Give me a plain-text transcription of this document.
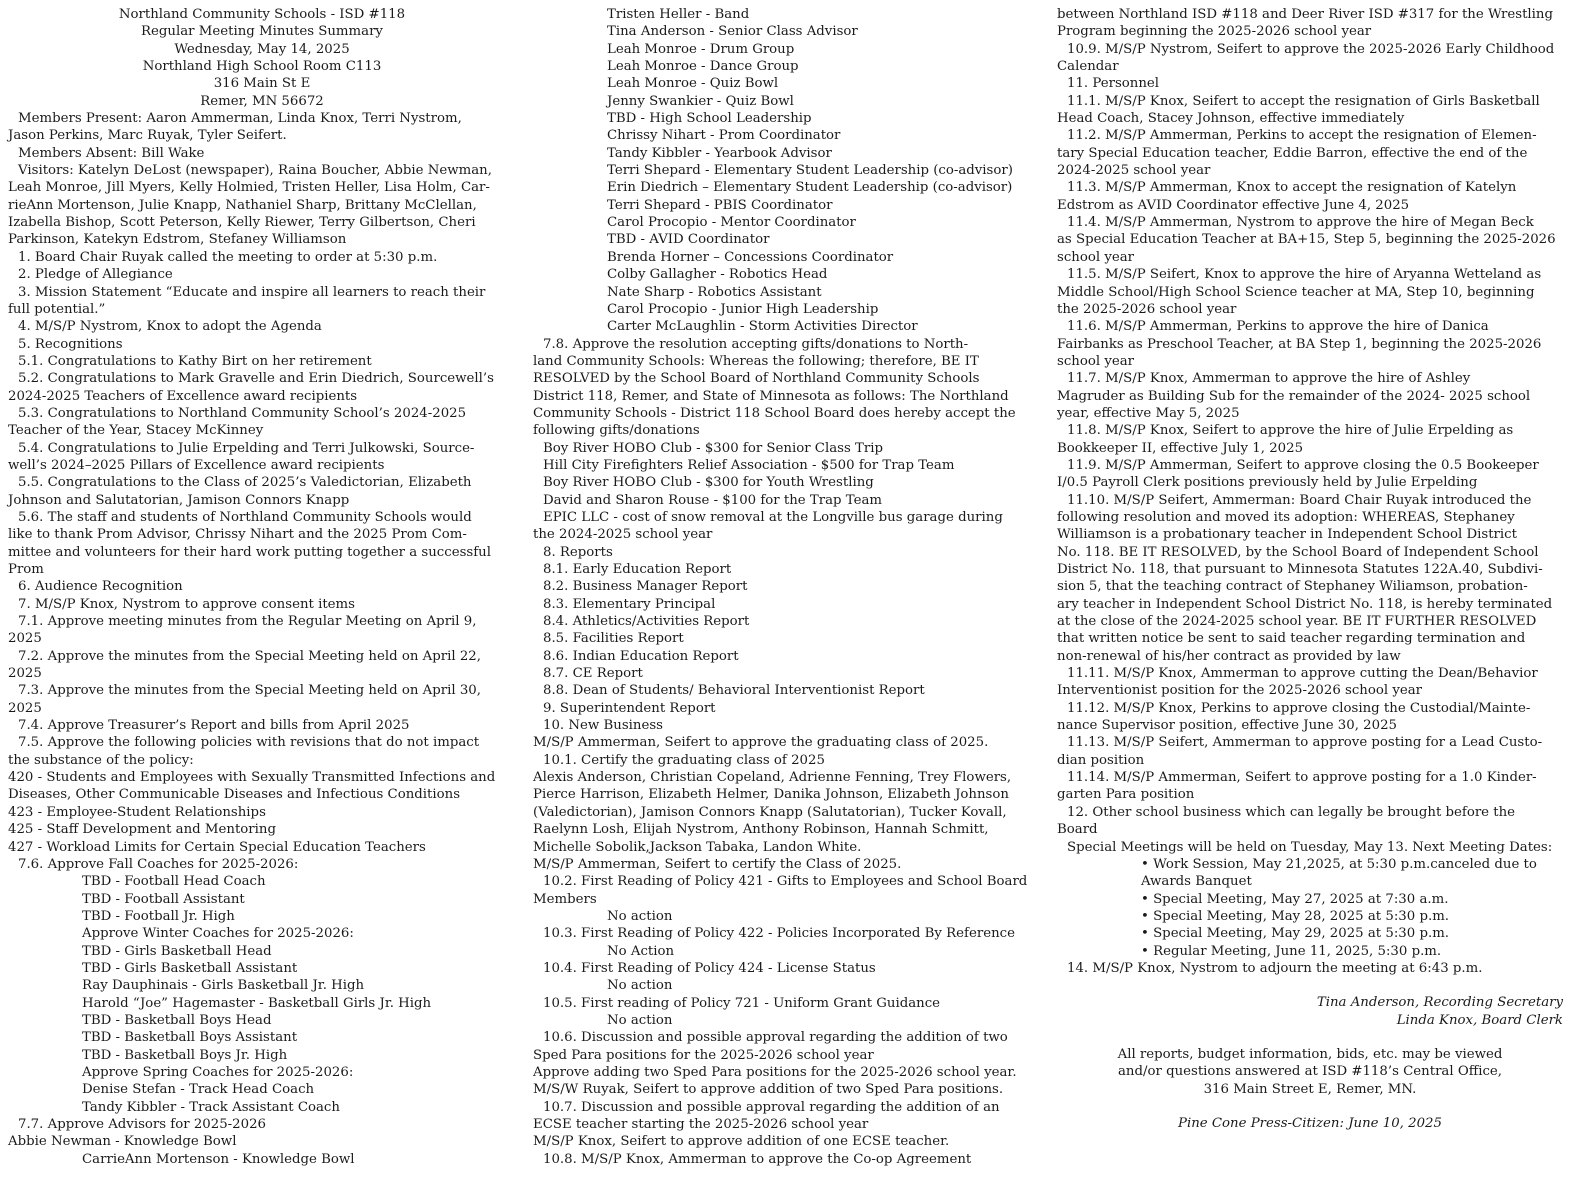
Northland Community Schools - ISD #118
Regular Meeting Minutes Summary
Wednesday, May 14, 2025
Northland High School Room C113
316 Main St E
Remer, MN 56672
Members Present: Aaron Ammerman, Linda Knox, Terri Nystrom,
Jason Perkins, Marc Ruyak, Tyler Seifert.
Members Absent: Bill Wake
Visitors: Katelyn DeLost (newspaper), Raina Boucher, Abbie Newman,
Leah Monroe, Jill Myers, Kelly Holmied, Tristen Heller, Lisa Holm, Car-
rieAnn Mortenson, Julie Knapp, Nathaniel Sharp, Brittany McClellan,
Izabella Bishop, Scott Peterson, Kelly Riewer, Terry Gilbertson, Cheri
Parkinson, Katekyn Edstrom, Stefaney Williamson
1. Board Chair Ruyak called the meeting to order at 5:30 p.m.
2. Pledge of Allegiance
3. Mission Statement “Educate and inspire all learners to reach their
full potential.”
4. M/S/P Nystrom, Knox to adopt the Agenda
5. Recognitions
5.1. Congratulations to Kathy Birt on her retirement
5.2. Congratulations to Mark Gravelle and Erin Diedrich, Sourcewell’s
2024-2025 Teachers of Excellence award recipients
5.3. Congratulations to Northland Community School’s 2024-2025
Teacher of the Year, Stacey McKinney
5.4. Congratulations to Julie Erpelding and Terri Julkowski, Source-
well’s 2024–2025 Pillars of Excellence award recipients
5.5. Congratulations to the Class of 2025’s Valedictorian, Elizabeth
Johnson and Salutatorian, Jamison Connors Knapp
5.6. The staff and students of Northland Community Schools would
like to thank Prom Advisor, Chrissy Nihart and the 2025 Prom Com-
mittee and volunteers for their hard work putting together a successful
Prom
6. Audience Recognition
7. M/S/P Knox, Nystrom to approve consent items
7.1. Approve meeting minutes from the Regular Meeting on April 9,
2025
7.2. Approve the minutes from the Special Meeting held on April 22,
2025
7.3. Approve the minutes from the Special Meeting held on April 30,
2025
7.4. Approve Treasurer’s Report and bills from April 2025
7.5. Approve the following policies with revisions that do not impact
the substance of the policy:
420 - Students and Employees with Sexually Transmitted Infections and
Diseases, Other Communicable Diseases and Infectious Conditions
423 - Employee-Student Relationships
425 - Staff Development and Mentoring
427 - Workload Limits for Certain Special Education Teachers
7.6. Approve Fall Coaches for 2025-2026:
TBD - Football Head Coach
TBD - Football Assistant
TBD - Football Jr. High
Approve Winter Coaches for 2025-2026:
TBD - Girls Basketball Head
TBD - Girls Basketball Assistant
Ray Dauphinais - Girls Basketball Jr. High
Harold “Joe” Hagemaster - Basketball Girls Jr. High
TBD - Basketball Boys Head
TBD - Basketball Boys Assistant
TBD - Basketball Boys Jr. High
Approve Spring Coaches for 2025-2026:
Denise Stefan - Track Head Coach
Tandy Kibbler - Track Assistant Coach
7.7. Approve Advisors for 2025-2026
Abbie Newman - Knowledge Bowl
CarrieAnn Mortenson - Knowledge Bowl
Tristen Heller - Band
Tina Anderson - Senior Class Advisor
Leah Monroe - Drum Group
Leah Monroe - Dance Group
Leah Monroe - Quiz Bowl
Jenny Swankier - Quiz Bowl
TBD - High School Leadership
Chrissy Nihart - Prom Coordinator
Tandy Kibbler - Yearbook Advisor
Terri Shepard - Elementary Student Leadership (co-advisor)
Erin Diedrich – Elementary Student Leadership (co-advisor)
Terri Shepard - PBIS Coordinator
Carol Procopio - Mentor Coordinator
TBD - AVID Coordinator
Brenda Horner – Concessions Coordinator
Colby Gallagher - Robotics Head
Nate Sharp - Robotics Assistant
Carol Procopio - Junior High Leadership
Carter McLaughlin - Storm Activities Director
7.8. Approve the resolution accepting gifts/donations to North-
land Community Schools: Whereas the following; therefore, BE IT
RESOLVED by the School Board of Northland Community Schools
District 118, Remer, and State of Minnesota as follows: The Northland
Community Schools - District 118 School Board does hereby accept the
following gifts/donations
Boy River HOBO Club - $300 for Senior Class Trip
Hill City Firefighters Relief Association - $500 for Trap Team
Boy River HOBO Club - $300 for Youth Wrestling
David and Sharon Rouse - $100 for the Trap Team
EPIC LLC - cost of snow removal at the Longville bus garage during
the 2024-2025 school year
8. Reports
8.1. Early Education Report
8.2. Business Manager Report
8.3. Elementary Principal
8.4. Athletics/Activities Report
8.5. Facilities Report
8.6. Indian Education Report
8.7. CE Report
8.8. Dean of Students/ Behavioral Interventionist Report
9. Superintendent Report
10. New Business
M/S/P Ammerman, Seifert to approve the graduating class of 2025.
10.1. Certify the graduating class of 2025
Alexis Anderson, Christian Copeland, Adrienne Fenning, Trey Flowers,
Pierce Harrison, Elizabeth Helmer, Danika Johnson, Elizabeth Johnson
(Valedictorian), Jamison Connors Knapp (Salutatorian), Tucker Kovall,
Raelynn Losh, Elijah Nystrom, Anthony Robinson, Hannah Schmitt,
Michelle Sobolik,Jackson Tabaka, Landon White.
M/S/P Ammerman, Seifert to certify the Class of 2025.
10.2. First Reading of Policy 421 - Gifts to Employees and School Board
Members
No action
10.3. First Reading of Policy 422 - Policies Incorporated By Reference
No Action
10.4. First Reading of Policy 424 - License Status
No action
10.5. First reading of Policy 721 - Uniform Grant Guidance
No action
10.6. Discussion and possible approval regarding the addition of two
Sped Para positions for the 2025-2026 school year
Approve adding two Sped Para positions for the 2025-2026 school year.
M/S/W Ruyak, Seifert to approve addition of two Sped Para positions.
10.7. Discussion and possible approval regarding the addition of an
ECSE teacher starting the 2025-2026 school year
M/S/P Knox, Seifert to approve addition of one ECSE teacher.
10.8. M/S/P Knox, Ammerman to approve the Co-op Agreement
between Northland ISD #118 and Deer River ISD #317 for the Wrestling
Program beginning the 2025-2026 school year
10.9. M/S/P Nystrom, Seifert to approve the 2025-2026 Early Childhood
Calendar
11. Personnel
11.1. M/S/P Knox, Seifert to accept the resignation of Girls Basketball
Head Coach, Stacey Johnson, effective immediately
11.2. M/S/P Ammerman, Perkins to accept the resignation of Elemen-
tary Special Education teacher, Eddie Barron, effective the end of the
2024-2025 school year
11.3. M/S/P Ammerman, Knox to accept the resignation of Katelyn
Edstrom as AVID Coordinator effective June 4, 2025
11.4. M/S/P Ammerman, Nystrom to approve the hire of Megan Beck
as Special Education Teacher at BA+15, Step 5, beginning the 2025-2026
school year
11.5. M/S/P Seifert, Knox to approve the hire of Aryanna Wetteland as
Middle School/High School Science teacher at MA, Step 10, beginning
the 2025-2026 school year
11.6. M/S/P Ammerman, Perkins to approve the hire of Danica
Fairbanks as Preschool Teacher, at BA Step 1, beginning the 2025-2026
school year
11.7. M/S/P Knox, Ammerman to approve the hire of Ashley
Magruder as Building Sub for the remainder of the 2024- 2025 school
year, effective May 5, 2025
11.8. M/S/P Knox, Seifert to approve the hire of Julie Erpelding as
Bookkeeper II, effective July 1, 2025
11.9. M/S/P Ammerman, Seifert to approve closing the 0.5 Bookeeper
I/0.5 Payroll Clerk positions previously held by Julie Erpelding
11.10. M/S/P Seifert, Ammerman: Board Chair Ruyak introduced the
following resolution and moved its adoption: WHEREAS, Stephaney
Williamson is a probationary teacher in Independent School District
No. 118. BE IT RESOLVED, by the School Board of Independent School
District No. 118, that pursuant to Minnesota Statutes 122A.40, Subdivi-
sion 5, that the teaching contract of Stephaney Wiliamson, probation-
ary teacher in Independent School District No. 118, is hereby terminated
at the close of the 2024-2025 school year. BE IT FURTHER RESOLVED
that written notice be sent to said teacher regarding termination and
non-renewal of his/her contract as provided by law
11.11. M/S/P Knox, Ammerman to approve cutting the Dean/Behavior
Interventionist position for the 2025-2026 school year
11.12. M/S/P Knox, Perkins to approve closing the Custodial/Mainte-
nance Supervisor position, effective June 30, 2025
11.13. M/S/P Seifert, Ammerman to approve posting for a Lead Custo-
dian position
11.14. M/S/P Ammerman, Seifert to approve posting for a 1.0 Kinder-
garten Para position
12. Other school business which can legally be brought before the
Board
Special Meetings will be held on Tuesday, May 13. Next Meeting Dates:
• Work Session, May 21,2025, at 5:30 p.m.canceled due to
Awards Banquet
• Special Meeting, May 27, 2025 at 7:30 a.m.
• Special Meeting, May 28, 2025 at 5:30 p.m.
• Special Meeting, May 29, 2025 at 5:30 p.m.
• Regular Meeting, June 11, 2025, 5:30 p.m.
14. M/S/P Knox, Nystrom to adjourn the meeting at 6:43 p.m.
Tina Anderson, Recording Secretary
Linda Knox, Board Clerk
All reports, budget information, bids, etc. may be viewed
and/or questions answered at ISD #118’s Central Office,
316 Main Street E, Remer, MN.
Pine Cone Press-Citizen: June 10, 2025
